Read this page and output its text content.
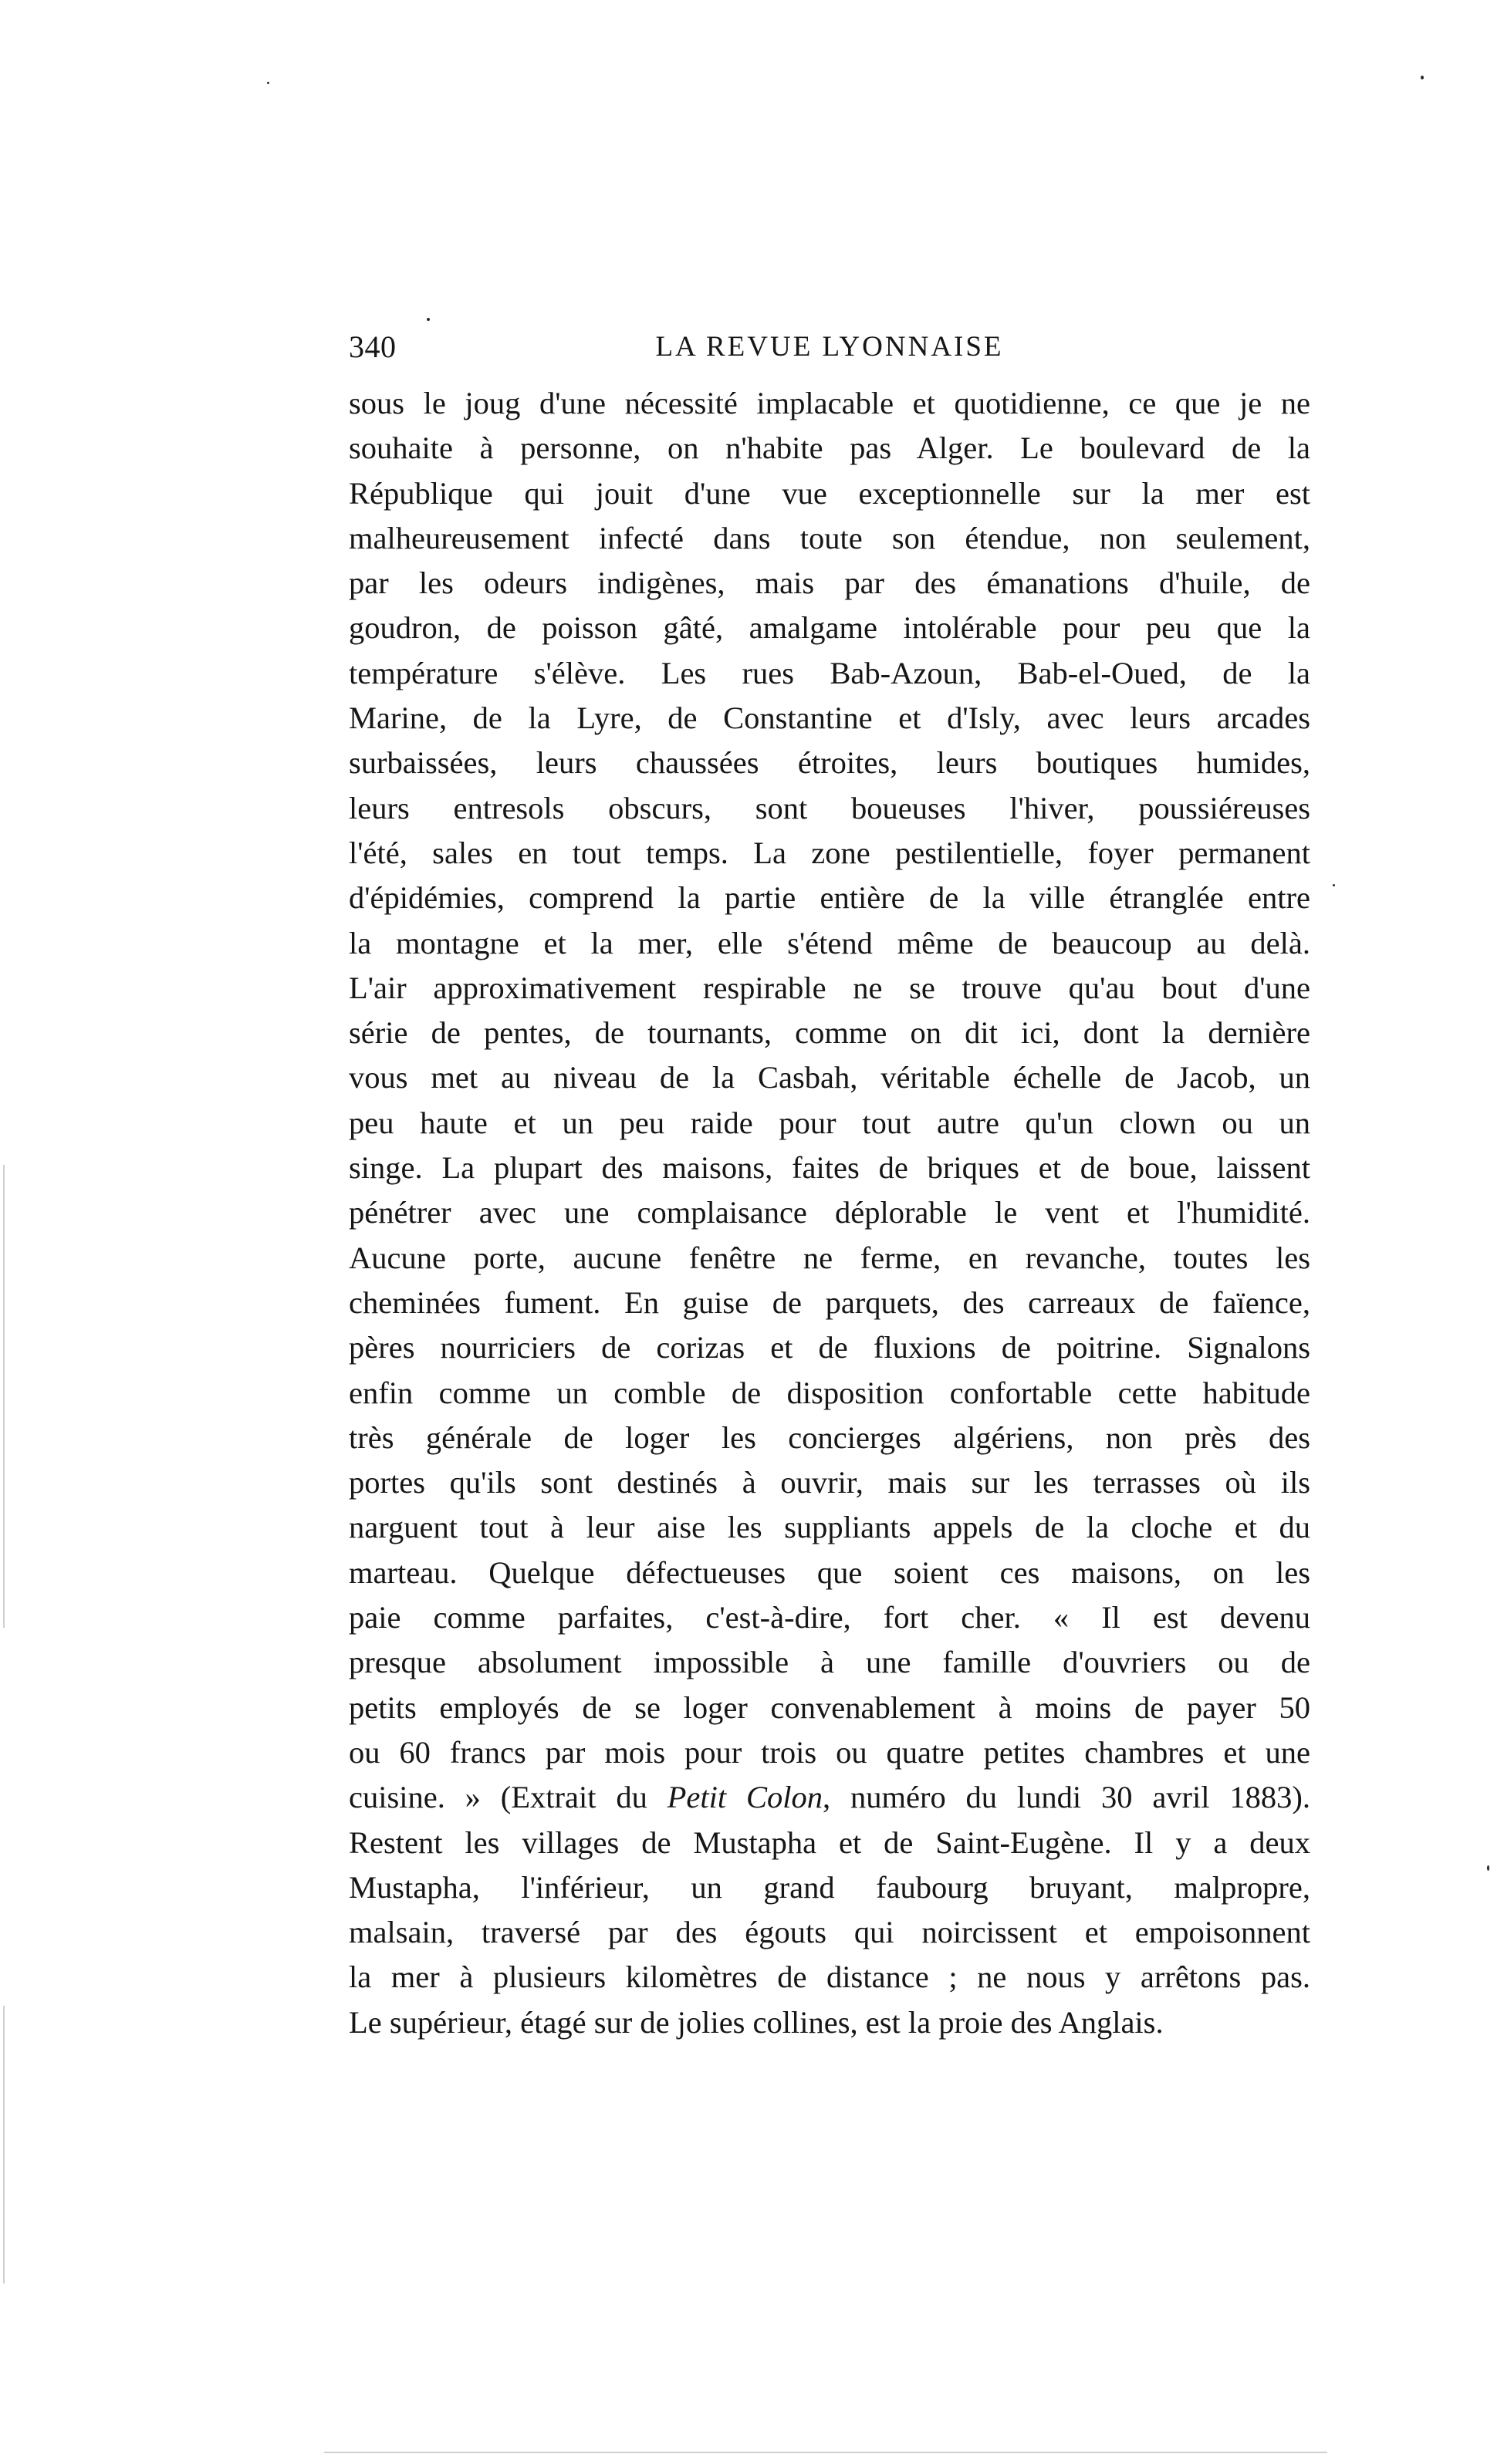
340	LA REVUE LYONNAISE
sous le joug d'une nécessité implacable et quotidienne, ce que je ne
souhaite à personne, on n'habite pas Alger. Le boulevard de la
République qui jouit d'une vue exceptionnelle sur la mer est
malheureusement infecté dans toute son étendue, non seulement,
par les odeurs indigènes, mais par des émanations d'huile, de
goudron, de poisson gâté, amalgame intolérable pour peu que la
température s'élève. Les rues Bab-Azoun, Bab-el-Oued, de la
Marine, de la Lyre, de Constantine et d'Isly, avec leurs arcades
surbaissées, leurs chaussées étroites, leurs boutiques humides,
leurs entresols obscurs, sont boueuses l'hiver, poussiéreuses
l'été, sales en tout temps. La zone pestilentielle, foyer permanent
d'épidémies, comprend la partie entière de la ville étranglée entre
la montagne et la mer, elle s'étend même de beaucoup au delà.
L'air approximativement respirable ne se trouve qu'au bout d'une
série de pentes, de tournants, comme on dit ici, dont la dernière
vous met au niveau de la Casbah, véritable échelle de Jacob, un
peu haute et un peu raide pour tout autre qu'un clown ou un
singe. La plupart des maisons, faites de briques et de boue, laissent
pénétrer avec une complaisance déplorable le vent et l'humidité.
Aucune porte, aucune fenêtre ne ferme, en revanche, toutes les
cheminées fument. En guise de parquets, des carreaux de faïence,
pères nourriciers de corizas et de fluxions de poitrine. Signalons
enfin comme un comble de disposition confortable cette habitude
très générale de loger les concierges algériens, non près des
portes qu'ils sont destinés à ouvrir, mais sur les terrasses où ils
narguent tout à leur aise les suppliants appels de la cloche et du
marteau. Quelque défectueuses que soient ces maisons, on les
paie comme parfaites, c'est-à-dire, fort cher. « Il est devenu
presque absolument impossible à une famille d'ouvriers ou de
petits employés de se loger convenablement à moins de payer 50
ou 60 francs par mois pour trois ou quatre petites chambres et une
cuisine. » (Extrait du Petit Colon, numéro du lundi 30 avril 1883).
Restent les villages de Mustapha et de Saint-Eugène. Il y a deux
Mustapha, l'inférieur, un grand faubourg bruyant, malpropre,
malsain, traversé par des égouts qui noircissent et empoisonnent
la mer à plusieurs kilomètres de distance ; ne nous y arrêtons pas.
Le supérieur, étagé sur de jolies collines, est la proie des Anglais.
